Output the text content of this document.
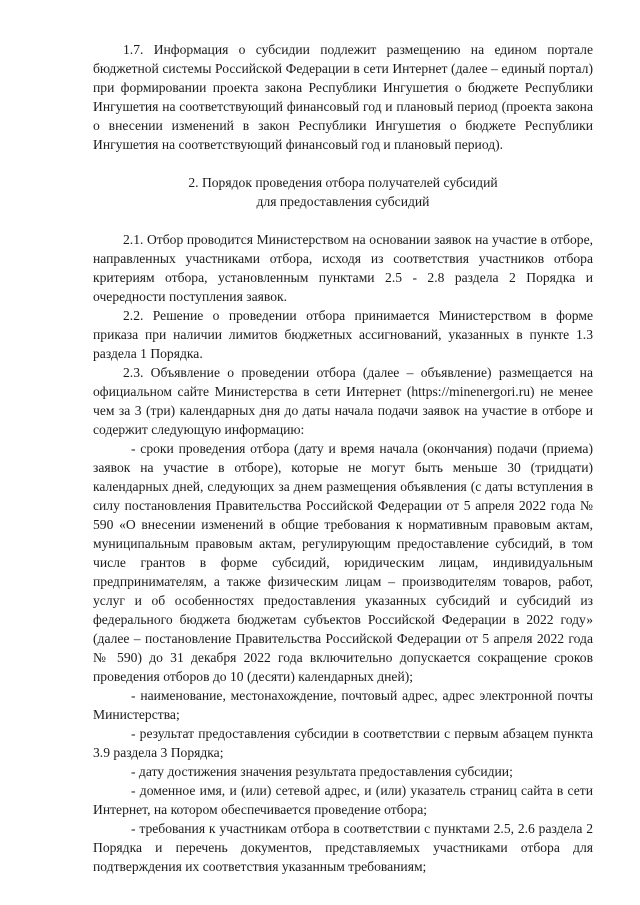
1.7. Информация о субсидии подлежит размещению на едином портале бюджетной системы Российской Федерации в сети Интернет (далее – единый портал) при формировании проекта закона Республики Ингушетия о бюджете Республики Ингушетия на соответствующий финансовый год и плановый период (проекта закона о внесении изменений в закон Республики Ингушетия о бюджете Республики Ингушетия на соответствующий финансовый год и плановый период).

2. Порядок проведения отбора получателей субсидий

для предоставления субсидий

2.1. Отбор проводится Министерством на основании заявок на участие в отборе, направленных участниками отбора, исходя из соответствия участников отбора критериям отбора, установленным пунктами 2.5 - 2.8 раздела 2 Порядка и очередности поступления заявок.

2.2. Решение о проведении отбора принимается Министерством в форме приказа при наличии лимитов бюджетных ассигнований, указанных в пункте 1.3 раздела 1 Порядка.

2.3. Объявление о проведении отбора (далее – объявление) размещается на официальном сайте Министерства в сети Интернет (https://minenergori.ru) не менее чем за 3 (три) календарных дня до даты начала подачи заявок на участие в отборе и содержит следующую информацию:

- сроки проведения отбора (дату и время начала (окончания) подачи (приема) заявок на участие в отборе), которые не могут быть меньше 30 (тридцати) календарных дней, следующих за днем размещения объявления (с даты вступления в силу постановления Правительства Российской Федерации от 5 апреля 2022 года № 590 «О внесении изменений в общие требования к нормативным правовым актам, муниципальным правовым актам, регулирующим предоставление субсидий, в том числе грантов в форме субсидий, юридическим лицам, индивидуальным предпринимателям, а также физическим лицам – производителям товаров, работ, услуг и об особенностях предоставления указанных субсидий и субсидий из федерального бюджета бюджетам субъектов Российской Федерации в 2022 году» (далее – постановление Правительства Российской Федерации от 5 апреля 2022 года № 590) до 31 декабря 2022 года включительно допускается сокращение сроков проведения отборов до 10 (десяти) календарных дней);

- наименование, местонахождение, почтовый адрес, адрес электронной почты Министерства;

- результат предоставления субсидии в соответствии с первым абзацем пункта 3.9 раздела 3 Порядка;

- дату достижения значения результата предоставления субсидии;

- доменное имя, и (или) сетевой адрес, и (или) указатель страниц сайта в сети Интернет, на котором обеспечивается проведение отбора;

- требования к участникам отбора в соответствии с пунктами 2.5, 2.6 раздела 2 Порядка и перечень документов, представляемых участниками отбора для подтверждения их соответствия указанным требованиям;
